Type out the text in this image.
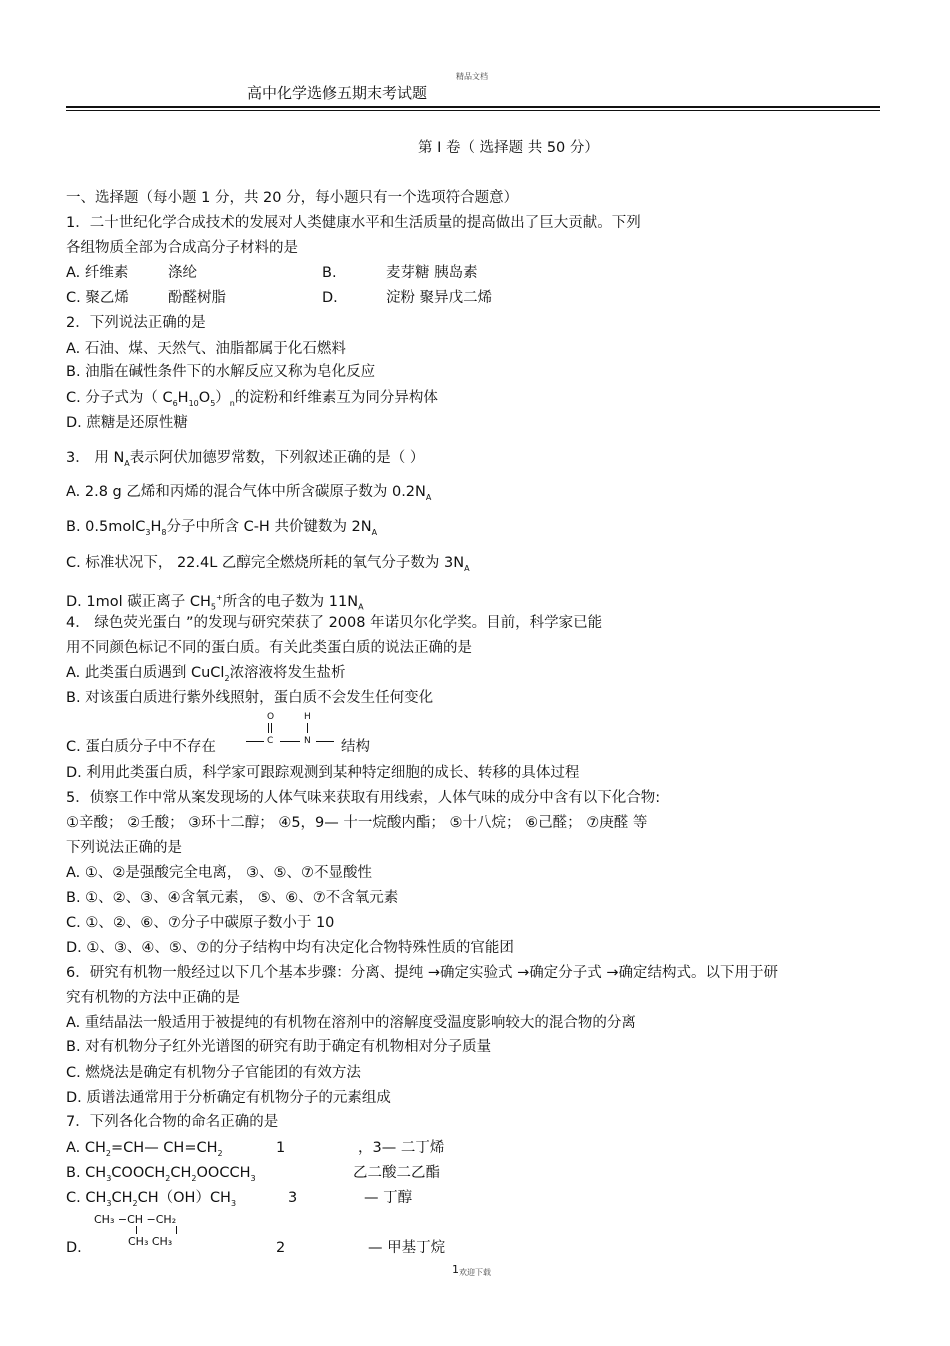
精品文档
高中化学选修五期末考试题
第 I 卷（ 选择题 共 50 分）
一、选择题（每小题 1 分，共 20 分，每小题只有一个选项符合题意）
1．二十世纪化学合成技术的发展对人类健康水平和生活质量的提高做出了巨大贡献。下列
各组物质全部为合成高分子材料的是
A. 纤维素	涤纶	B.	麦芽糖 胰岛素
C. 聚乙烯	酚醛树脂	D.	淀粉 聚异戊二烯
2．下列说法正确的是
A. 石油、煤、天然气、油脂都属于化石燃料
B. 油脂在碱性条件下的水解反应又称为皂化反应
C. 分子式为（ $C_6H_{10}O_5)_n$的淀粉和纤维素互为同分异构体
D. 蔗糖是还原性糖
3． 用 $N_A$表示阿伏加德罗常数，下列叙述正确的是（ ）
A. 2.8 g 乙烯和丙烯的混合气体中所含碳原子数为 $0.2N_A$
B. $0.5molC_3H_8$分子中所含 C-H 共价键数为 $2N_A$
C. 标准状况下， 22.4L 乙醇完全燃烧所耗的氧气分子数为 $3N_A$
D. 1mol 碳正离子 $CH_5^+$所含的电子数为 $11N_A$
4． 绿色荧光蛋白 ”的发现与研究荣获了 2008 年诺贝尔化学奖。目前，科学家已能
用不同颜色标记不同的蛋白质。有关此类蛋白质的说法正确的是
A. 此类蛋白质遇到 CuCl$_2$浓溶液将发生盐析
B. 对该蛋白质进行紫外线照射，蛋白质不会发生任何变化
C. 蛋白质分子中不存在
O	H
C	N 结构
D. 利用此类蛋白质，科学家可跟踪观测到某种特定细胞的成长、转移的具体过程
5．侦察工作中常从案发现场的人体气味来获取有用线索，人体气味的成分中含有以下化合物:
①辛酸； ②壬酸； ③环十二醇； ④5，9— 十一烷酸内酯； ⑤十八烷； ⑥己醛； ⑦庚醛 等
下列说法正确的是
A. ①、②是强酸完全电离， ③、⑤、⑦不显酸性
B. ①、②、③、④含氧元素， ⑤、⑥、⑦不含氧元素
C. ①、②、⑥、⑦分子中碳原子数小于 10
D. ①、③、④、⑤、⑦的分子结构中均有决定化合物特殊性质的官能团
6．研究有机物一般经过以下几个基本步骤：分离、提纯 →确定实验式 →确定分子式 →确定结构式。以下用于研
究有机物的方法中正确的是
A. 重结晶法一般适用于被提纯的有机物在溶剂中的溶解度受温度影响较大的混合物的分离
B. 对有机物分子红外光谱图的研究有助于确定有机物相对分子质量
C. 燃烧法是确定有机物分子官能团的有效方法
D. 质谱法通常用于分析确定有机物分子的元素组成
7．下列各化合物的命名正确的是
A. $CH_2=CH—$ $CH=CH_2$	1	，3— 二丁烯
B. $CH_3COOCH_2CH_2OOCCH_3$	乙二酸二乙酯
C. $CH_3CH_2CH(OH)CH_3$	3	— 丁醇
CH₃ −CH −CH₂
CH₃ CH₃
D.	2	— 甲基丁烷
1 欢迎下载
